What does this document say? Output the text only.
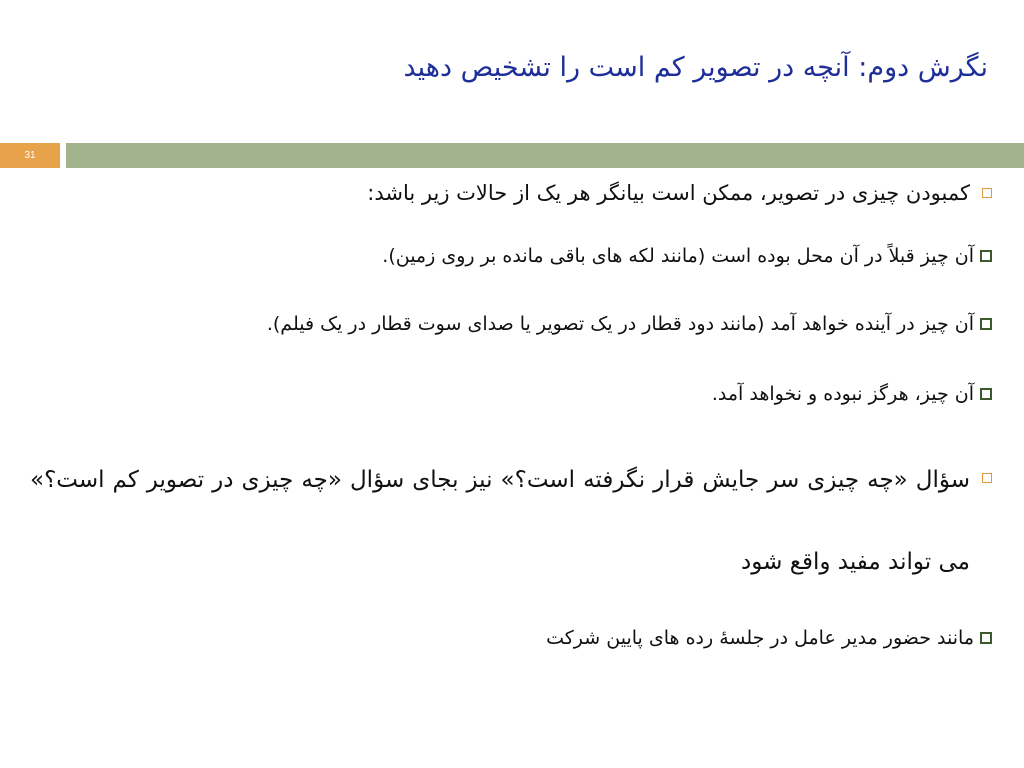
نگرش دوم: آنچه در تصویر کم است را تشخیص دهید
31
کمبودن چیزی در تصویر، ممکن است بیانگر هر یک از حالات زیر باشد:
آن چیز قبلاً در آن محل بوده است (مانند لکه های باقی مانده بر روی زمین).
آن چیز در آینده خواهد آمد (مانند دود قطار در یک تصویر یا صدای سوت قطار در یک فیلم).
آن چیز، هرگز نبوده و نخواهد آمد.
سؤال «چه چیزی سر جایش قرار نگرفته است؟» نیز بجای سؤال «چه چیزی در تصویر کم است؟» می تواند مفید واقع شود
مانند حضور مدیر عامل در جلسهٔ رده های پایین شرکت
